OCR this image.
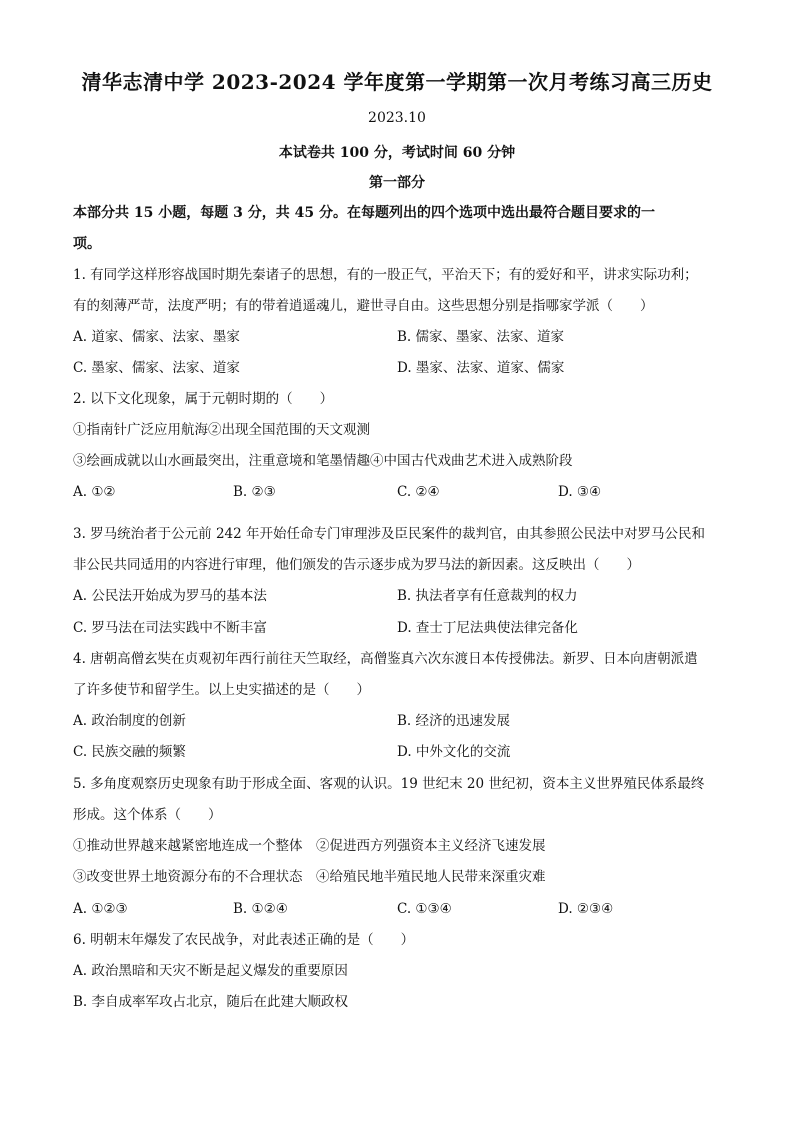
清华志清中学 2023-2024 学年度第一学期第一次月考练习高三历史
2023.10
本试卷共 100 分，考试时间 60 分钟
第一部分
本部分共 15 小题，每题 3 分，共 45 分。在每题列出的四个选项中选出最符合题目要求的一
项。
1. 有同学这样形容战国时期先秦诸子的思想，有的一股正气，平治天下；有的爱好和平，讲求实际功利；
有的刻薄严苛，法度严明；有的带着逍遥魂儿，避世寻自由。这些思想分别是指哪家学派（　　）
A. 道家、儒家、法家、墨家	B. 儒家、墨家、法家、道家
C. 墨家、儒家、法家、道家	D. 墨家、法家、道家、儒家
2. 以下文化现象，属于元朝时期的（　　）
①指南针广泛应用航海②出现全国范围的天文观测
③绘画成就以山水画最突出，注重意境和笔墨情趣④中国古代戏曲艺术进入成熟阶段
A. ①②	B. ②③	C. ②④	D. ③④
3. 罗马统治者于公元前 242 年开始任命专门审理涉及臣民案件的裁判官，由其参照公民法中对罗马公民和
非公民共同适用的内容进行审理，他们颁发的告示逐步成为罗马法的新因素。这反映出（　　）
A. 公民法开始成为罗马的基本法	B. 执法者享有任意裁判的权力
C. 罗马法在司法实践中不断丰富	D. 查士丁尼法典使法律完备化
4. 唐朝高僧玄奘在贞观初年西行前往天竺取经，高僧鉴真六次东渡日本传授佛法。新罗、日本向唐朝派遣
了许多使节和留学生。以上史实描述的是（　　）
A. 政治制度的创新	B. 经济的迅速发展
C. 民族交融的频繁	D. 中外文化的交流
5. 多角度观察历史现象有助于形成全面、客观的认识。19 世纪末 20 世纪初，资本主义世界殖民体系最终
形成。这个体系（　　）
①推动世界越来越紧密地连成一个整体　②促进西方列强资本主义经济飞速发展
③改变世界土地资源分布的不合理状态　④给殖民地半殖民地人民带来深重灾难
A. ①②③	B. ①②④	C. ①③④	D. ②③④
6. 明朝末年爆发了农民战争，对此表述正确的是（　　）
A. 政治黑暗和天灾不断是起义爆发的重要原因
B. 李自成率军攻占北京，随后在此建大顺政权
